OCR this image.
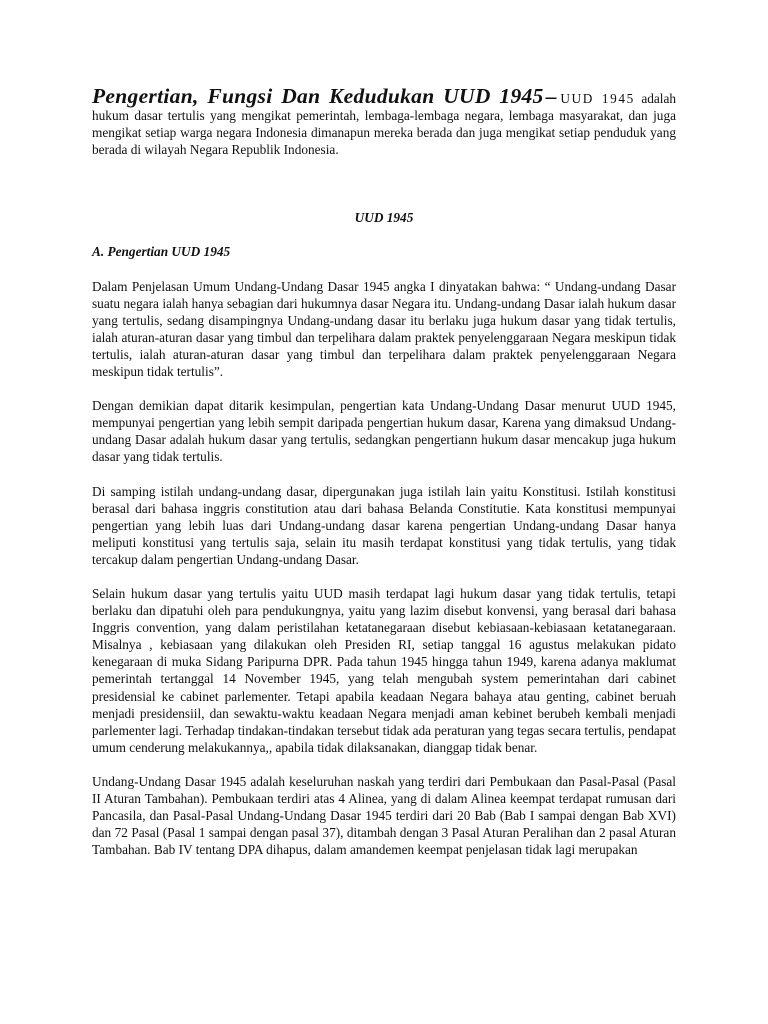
Pengertian, Fungsi Dan Kedudukan UUD 1945– UUD 1945 adalah hukum dasar tertulis yang mengikat pemerintah, lembaga-lembaga negara, lembaga masyarakat, dan juga mengikat setiap warga negara Indonesia dimanapun mereka berada dan juga mengikat setiap penduduk yang berada di wilayah Negara Republik Indonesia.

UUD 1945

A. Pengertian UUD 1945

Dalam Penjelasan Umum Undang-Undang Dasar 1945 angka I dinyatakan bahwa: “ Undang-undang Dasar suatu negara ialah hanya sebagian dari hukumnya dasar Negara itu. Undang-undang Dasar ialah hukum dasar yang tertulis, sedang disampingnya Undang-undang dasar itu berlaku juga hukum dasar yang tidak tertulis, ialah aturan-aturan dasar yang timbul dan terpelihara dalam praktek penyelenggaraan Negara meskipun tidak tertulis, ialah aturan-aturan dasar yang timbul dan terpelihara dalam praktek penyelenggaraan Negara meskipun tidak tertulis”.

Dengan demikian dapat ditarik kesimpulan, pengertian kata Undang-Undang Dasar menurut UUD 1945, mempunyai pengertian yang lebih sempit daripada pengertian hukum dasar, Karena yang dimaksud Undang-undang Dasar adalah hukum dasar yang tertulis, sedangkan pengertiann hukum dasar mencakup juga hukum dasar yang tidak tertulis.

Di samping istilah undang-undang dasar, dipergunakan juga istilah lain yaitu Konstitusi. Istilah konstitusi berasal dari bahasa inggris constitution atau dari bahasa Belanda Constitutie. Kata konstitusi mempunyai pengertian yang lebih luas dari Undang-undang dasar karena pengertian Undang-undang Dasar hanya meliputi konstitusi yang tertulis saja, selain itu masih terdapat konstitusi yang tidak tertulis, yang tidak tercakup dalam pengertian Undang-undang Dasar.

Selain hukum dasar yang tertulis yaitu UUD masih terdapat lagi hukum dasar yang tidak tertulis, tetapi berlaku dan dipatuhi oleh para pendukungnya, yaitu yang lazim disebut konvensi, yang berasal dari bahasa Inggris convention, yang dalam peristilahan ketatanegaraan disebut kebiasaan-kebiasaan ketatanegaraan. Misalnya , kebiasaan yang dilakukan oleh Presiden RI, setiap tanggal 16 agustus melakukan pidato kenegaraan di muka Sidang Paripurna DPR. Pada tahun 1945 hingga tahun 1949, karena adanya maklumat pemerintah tertanggal 14 November 1945, yang telah mengubah system pemerintahan dari cabinet presidensial ke cabinet parlementer. Tetapi apabila keadaan Negara bahaya atau genting, cabinet beruah menjadi presidensiil, dan sewaktu-waktu keadaan Negara menjadi aman kebinet berubeh kembali menjadi parlementer lagi. Terhadap tindakan-tindakan tersebut tidak ada peraturan yang tegas secara tertulis, pendapat umum cenderung melakukannya,, apabila tidak dilaksanakan, dianggap tidak benar.

Undang-Undang Dasar 1945 adalah keseluruhan naskah yang terdiri dari Pembukaan dan Pasal-Pasal (Pasal II Aturan Tambahan). Pembukaan terdiri atas 4 Alinea, yang di dalam Alinea keempat terdapat rumusan dari Pancasila, dan Pasal-Pasal Undang-Undang Dasar 1945 terdiri dari 20 Bab (Bab I sampai dengan Bab XVI) dan 72 Pasal (Pasal 1 sampai dengan pasal 37), ditambah dengan 3 Pasal Aturan Peralihan dan 2 pasal Aturan Tambahan. Bab IV tentang DPA dihapus, dalam amandemen keempat penjelasan tidak lagi merupakan
